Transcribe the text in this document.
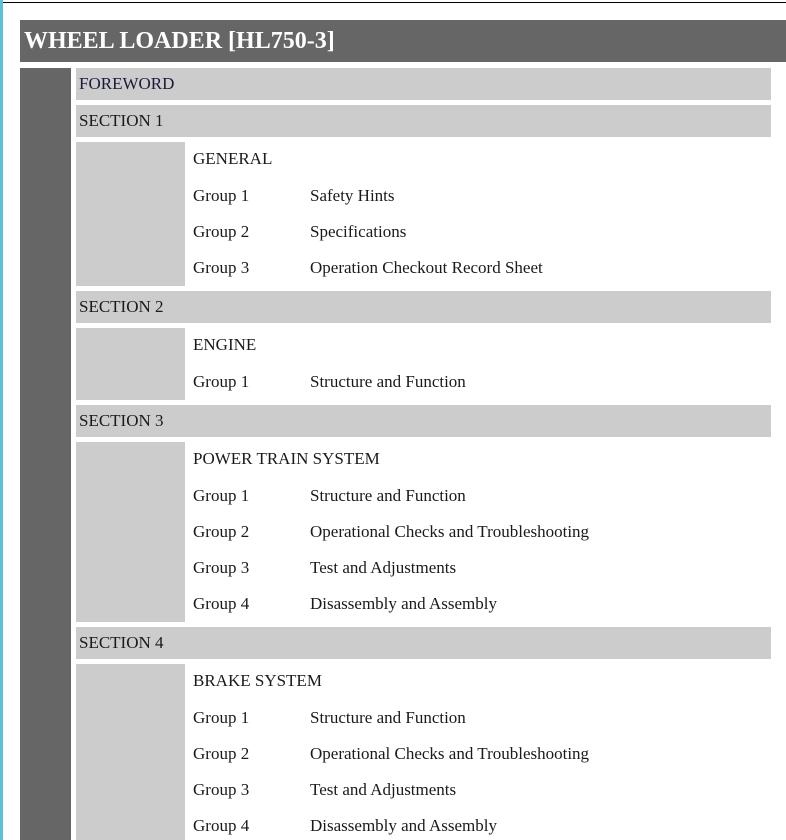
WHEEL LOADER [HL750-3]
FOREWORD
SECTION 1
GENERAL
Group 1	Safety Hints
Group 2	Specifications
Group 3	Operation Checkout Record Sheet
SECTION 2
ENGINE
Group 1	Structure and Function
SECTION 3
POWER TRAIN SYSTEM
Group 1	Structure and Function
Group 2	Operational Checks and Troubleshooting
Group 3	Test and Adjustments
Group 4	Disassembly and Assembly
SECTION 4
BRAKE SYSTEM
Group 1	Structure and Function
Group 2	Operational Checks and Troubleshooting
Group 3	Test and Adjustments
Group 4	Disassembly and Assembly
